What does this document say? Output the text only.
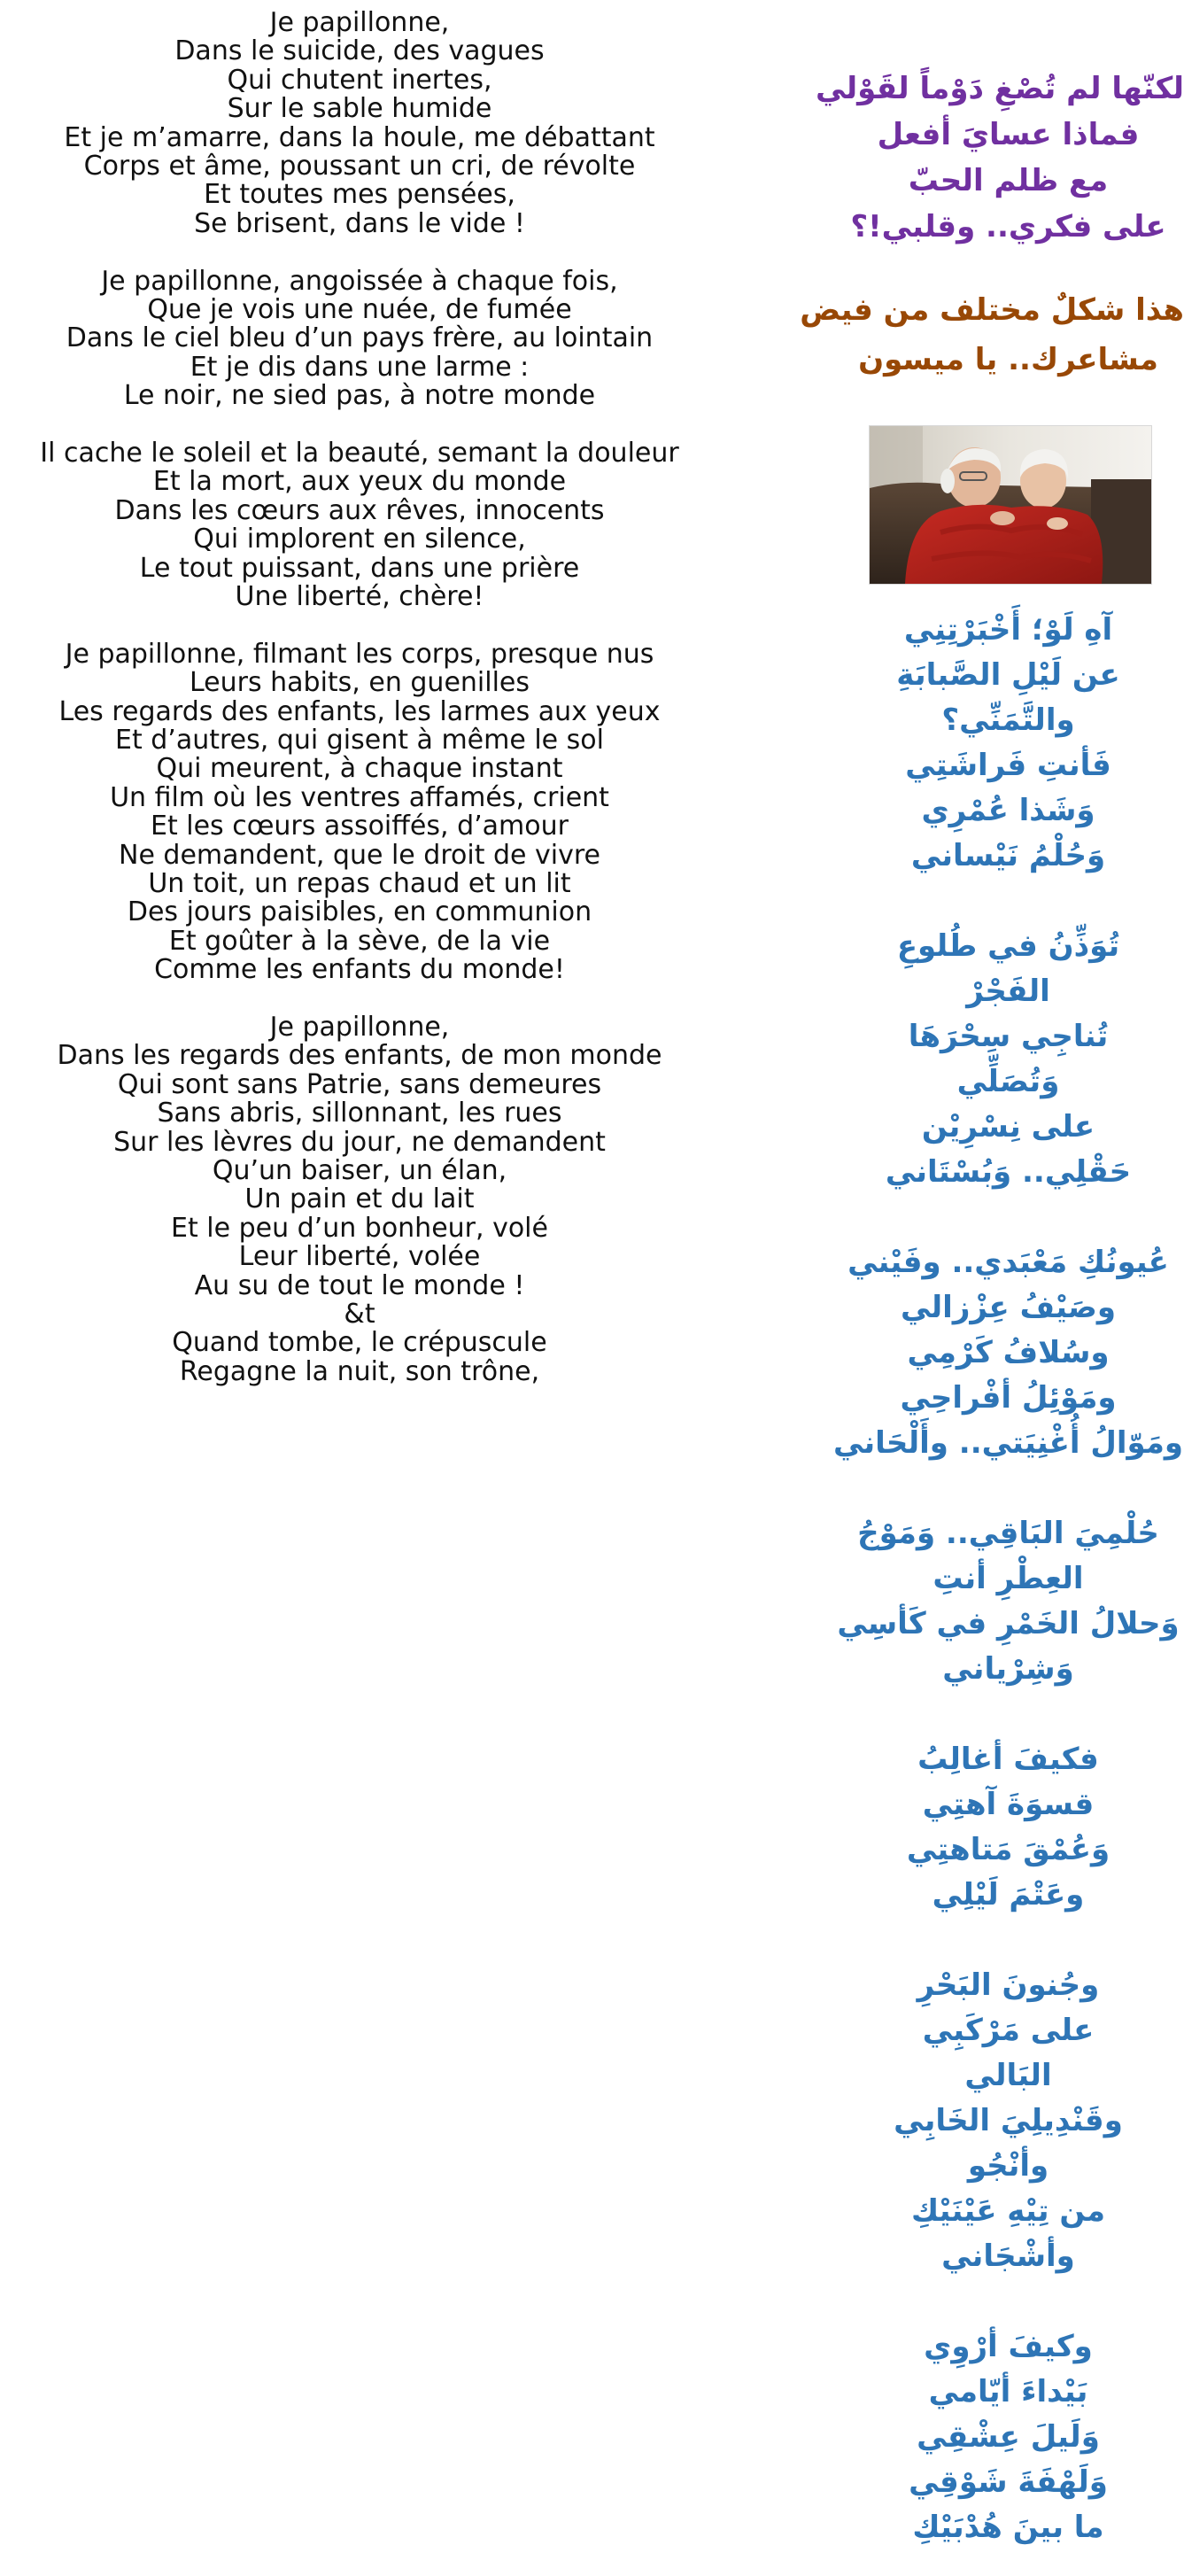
Je papillonne,
Dans le suicide, des vagues
Qui chutent inertes,
Sur le sable humide
Et je m’amarre, dans la houle, me débattant
Corps et âme, poussant un cri, de révolte
Et toutes mes pensées,
Se brisent, dans le vide !
Je papillonne, angoissée à chaque fois,
Que je vois une nuée, de fumée
Dans le ciel bleu d’un pays frère, au lointain
Et je dis dans une larme :
Le noir, ne sied pas, à notre monde
Il cache le soleil et la beauté, semant la douleur
Et la mort, aux yeux du monde
Dans les cœurs aux rêves, innocents
Qui implorent en silence,
Le tout puissant, dans une prière
Une liberté, chère!
Je papillonne, filmant les corps, presque nus
Leurs habits, en guenilles
Les regards des enfants, les larmes aux yeux
Et d’autres, qui gisent à même le sol
Qui meurent, à chaque instant
Un film où les ventres affamés, crient
Et les cœurs assoiffés, d’amour
Ne demandent, que le droit de vivre
Un toit, un repas chaud et un lit
Des jours paisibles, en communion
Et goûter à la sève, de la vie
Comme les enfants du monde!
Je papillonne,
Dans les regards des enfants, de mon monde
Qui sont sans Patrie, sans demeures
Sans abris, sillonnant, les rues
Sur les lèvres du jour, ne demandent
Qu’un baiser, un élan,
Un pain et du lait
Et le peu d’un bonheur, volé
Leur liberté, volée
Au su de tout le monde !
&t
Quand tombe, le crépuscule
Regagne la nuit, son trône,
لكنّها لم تُصْغِ دَوْماً لقَوْلي
فماذا عسايَ أفعل
مع ظلم الحبّ
على فكري.. وقلبي!؟
هذا شكلٌ مختلف من فيض
مشاعرك.. يا ميسون
آهِ لَوْ؛ أَخْبَرْتِنِي
عن لَيْلِ الصَّبابَةِ
والتَّمَنِّي؟
فَأنتِ فَراشَتِي
وَشَذا عُمْرِي
وَحُلْمُ نَيْساني
تُوَذِّنُ في طُلوعِ
الفَجْرْ
تُناجِي سِحْرَهَا
وَتُصَلِّي
على نِسْرِيْن
حَقْلِي.. وَبُسْتَاني
عُيونُكِ مَعْبَدي.. وفَيْني
وصَيْفُ عِزْزالي
وسُلافُ كَرْمِي
ومَوْئِلُ أفْراحِي
ومَوّالُ أُغْنِيَتي.. وأَلْحَاني
حُلْمِيَ البَاقِي.. وَمَوْجُ
العِطْرِ أنتِ
وَحلالُ الخَمْرِ في كَأسِي
وَشِرْياني
فكيفَ أغالِبُ
قسوَةَ آهتِي
وَعُمْقَ مَتاهتِي
وعَتْمَ لَيْلِي
وجُنونَ البَحْرِ
على مَرْكَبِي
البَالي
وقَنْدِيلِيَ الخَابِي
وأنْجُو
من تِيْهِ عَيْنَيْكِ
وأشْجَاني
وكيفَ أرْوِي
بَيْداءَ أيّامي
وَلَيلَ عِشْقِي
وَلَهْفَةَ شَوْقِي
ما بينَ هُدْبَيْكِ
